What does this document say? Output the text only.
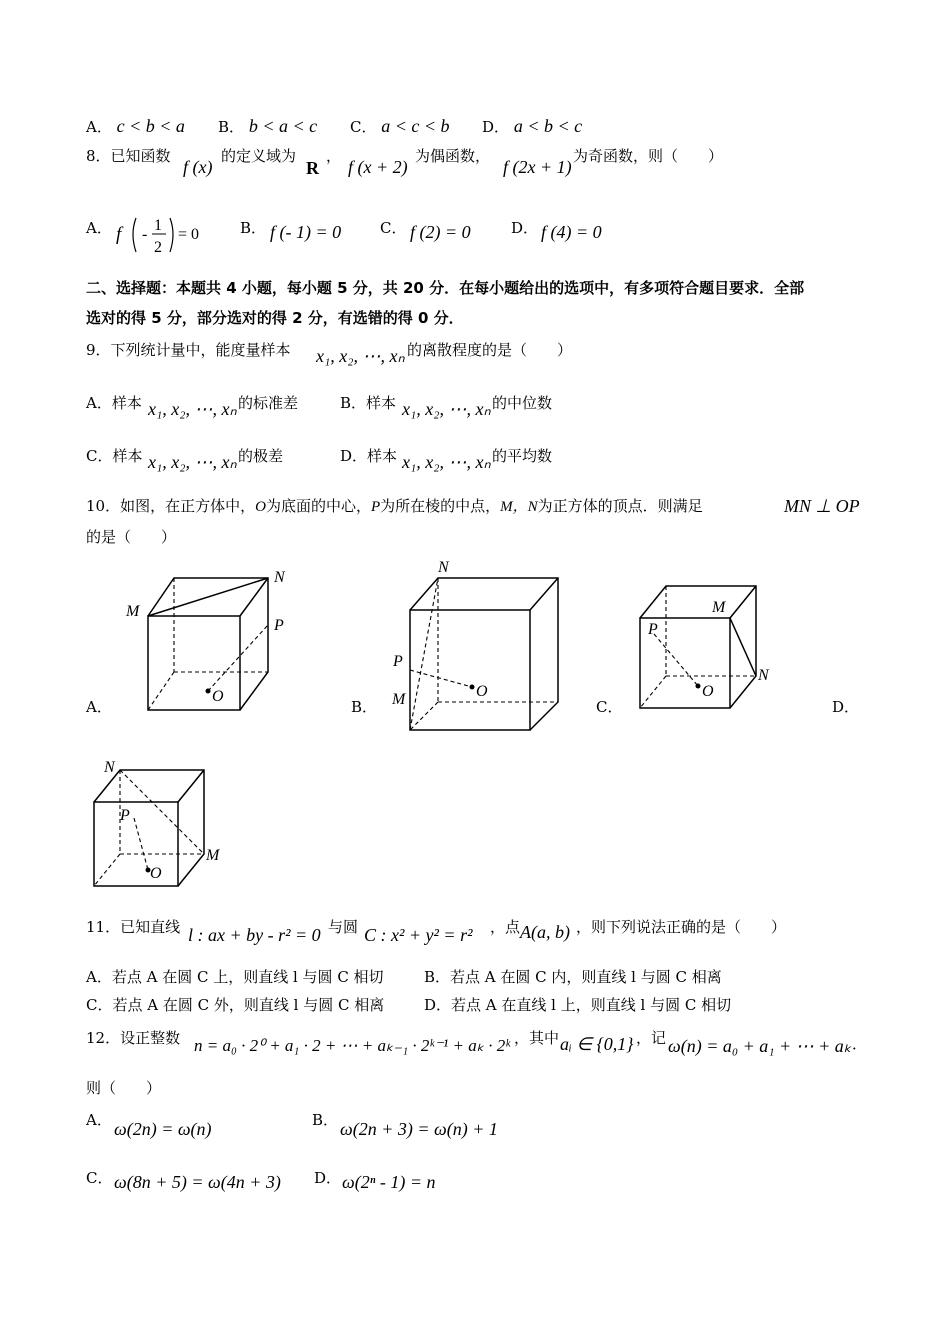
A． c < b < a B． b < a < c C． a < c < b D． a < b < c
8．已知函数
f (x)
的定义域为
R
，
f (x + 2)
为偶函数，
f (2x + 1)
为奇函数，则（　　）
A． f -
1
2
= 0	B． f (- 1) = 0	C． f (2) = 0	D． f (4) = 0
二、选择题：本题共 4 小题，每小题 5 分，共 20 分．在每小题给出的选项中，有多项符合题目要求．全部
选对的得 5 分，部分选对的得 2 分，有选错的得 0 分．
9．下列统计量中，能度量样本 x₁, x₂, ⋯, xₙ 的离散程度的是（　　）
A．样本 x₁, x₂, ⋯, xₙ 的标准差	B．样本 x₁, x₂, ⋯, xₙ 的中位数
C．样本 x₁, x₂, ⋯, xₙ 的极差	D．样本 x₁, x₂, ⋯, xₙ 的平均数
10．如图，在正方体中，O为底面的中心，P为所在棱的中点，M，N为正方体的顶点．则满足	MN ⊥ OP
的是（　　）
M
N
P
O
A．
N
P
M	O
B．
M
P
N
O
C．	D．
N
P
M
O
11．已知直线 l : ax + by - r² = 0 与圆 C : x² + y² = r² ，点 A(a, b) ，则下列说法正确的是（　　）
A．若点 A 在圆 C 上，则直线 l 与圆 C 相切	B．若点 A 在圆 C 内，则直线 l 与圆 C 相离
C．若点 A 在圆 C 外，则直线 l 与圆 C 相离	D．若点 A 在直线 l 上，则直线 l 与圆 C 相切
12．设正整数 n = a₀ · 2⁰ + a₁ · 2 + ⋯ + aₖ₋₁ · 2ᵏ⁻¹ + aₖ · 2ᵏ ，其中 aᵢ ∈ {0,1} ，记 ω(n) = a₀ + a₁ + ⋯ + aₖ ．
则（　　）
A． ω(2n) = ω(n)	B． ω(2n + 3) = ω(n) + 1
C． ω(8n + 5) = ω(4n + 3) D． ω(2ⁿ - 1) = n
